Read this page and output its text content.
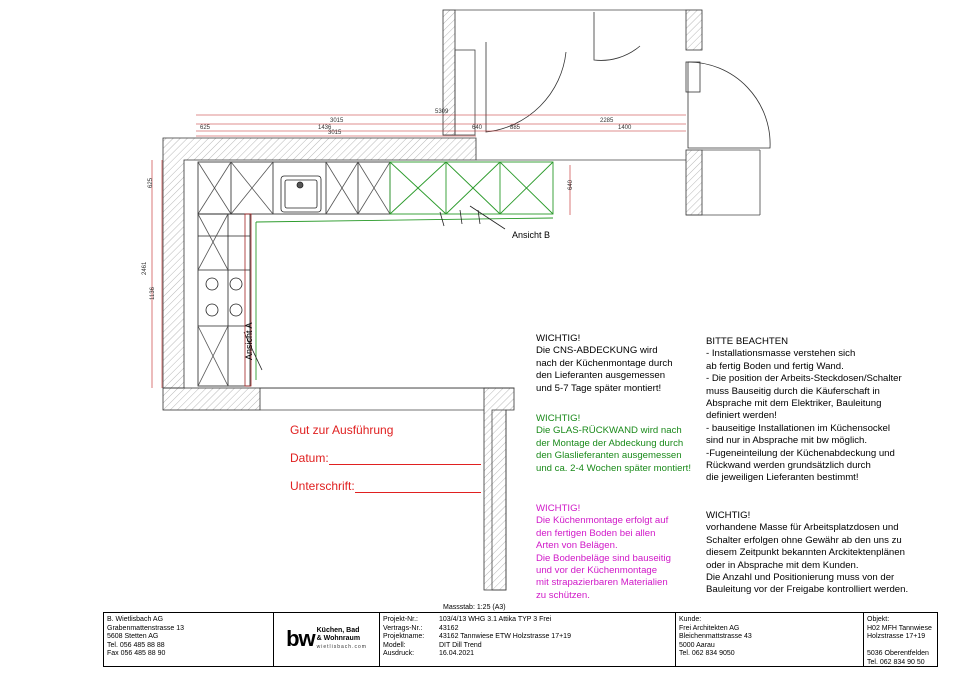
5309
3015	2285
625	1436	640	885	1400
3015
625	640
2461
1136
Ansicht B
Ansicht A	WICHTIG!
Die CNS-ABDECKUNG wird
nach der Küchenmontage durch
den Lieferanten ausgemessen
und 5-7 Tage später montiert!
WICHTIG!
Die GLAS-RÜCKWAND wird nach
der Montage der Abdeckung durch
den Glaslieferanten ausgemessen
und ca. 2-4 Wochen später montiert!
WICHTIG!
Die Küchenmontage erfolgt auf
den fertigen Boden bei allen
Arten von Belägen.
Die Bodenbeläge sind bauseitig
und vor der Küchenmontage
mit strapazierbaren Materialien
zu schützen.
BITTE BEACHTEN
- Installationsmasse verstehen sich
ab fertig Boden und fertig Wand.
- Die position der Arbeits-Steckdosen/Schalter
muss Bauseitig durch die Käuferschaft in
Absprache mit dem Elektriker, Bauleitung
definiert werden!
- bauseitige Installationen im Küchensockel
sind nur in Absprache mit bw möglich.
-Fugeneinteilung der Küchenabdeckung und
Rückwand werden grundsätzlich durch
die jeweiligen Lieferanten bestimmt!
WICHTIG!
vorhandene Masse für Arbeitsplatzdosen und
Schalter erfolgen ohne Gewähr ab den uns zu
diesem Zeitpunkt bekannten Arckitektenplänen
oder in Absprache mit dem Kunden.
Die Anzahl und Positionierung muss von der
Bauleitung vor der Freigabe kontrolliert werden.
Gut zur Ausführung
Datum:
Unterschrift:
Massstab: 1:25 (A3)
B. Wietlisbach AG
Grabenmattenstrasse 13
5608 Stetten AG
Tel. 056 485 88 88
Fax 056 485 88 90
bw Küchen, Bad
& Wohnraum
wietlisbach.com
Projekt-Nr.:	103/4/13 WHG 3.1 Attika TYP 3 Frei
Vertrags-Nr.:	43162
Projektname:	43162 Tannwiese ETW Holzstrasse 17+19
Modell:	DIT Dill Trend
Ausdruck:	16.04.2021
Kunde:
Frei Architekten AG
Bleichenmattstrasse 43
5000 Aarau
Tel. 062 834 9050
Objekt:
H02 MFH Tannwiese
Holzstrasse 17+19

5036 Oberentfelden
Tel. 062 834 90 50
